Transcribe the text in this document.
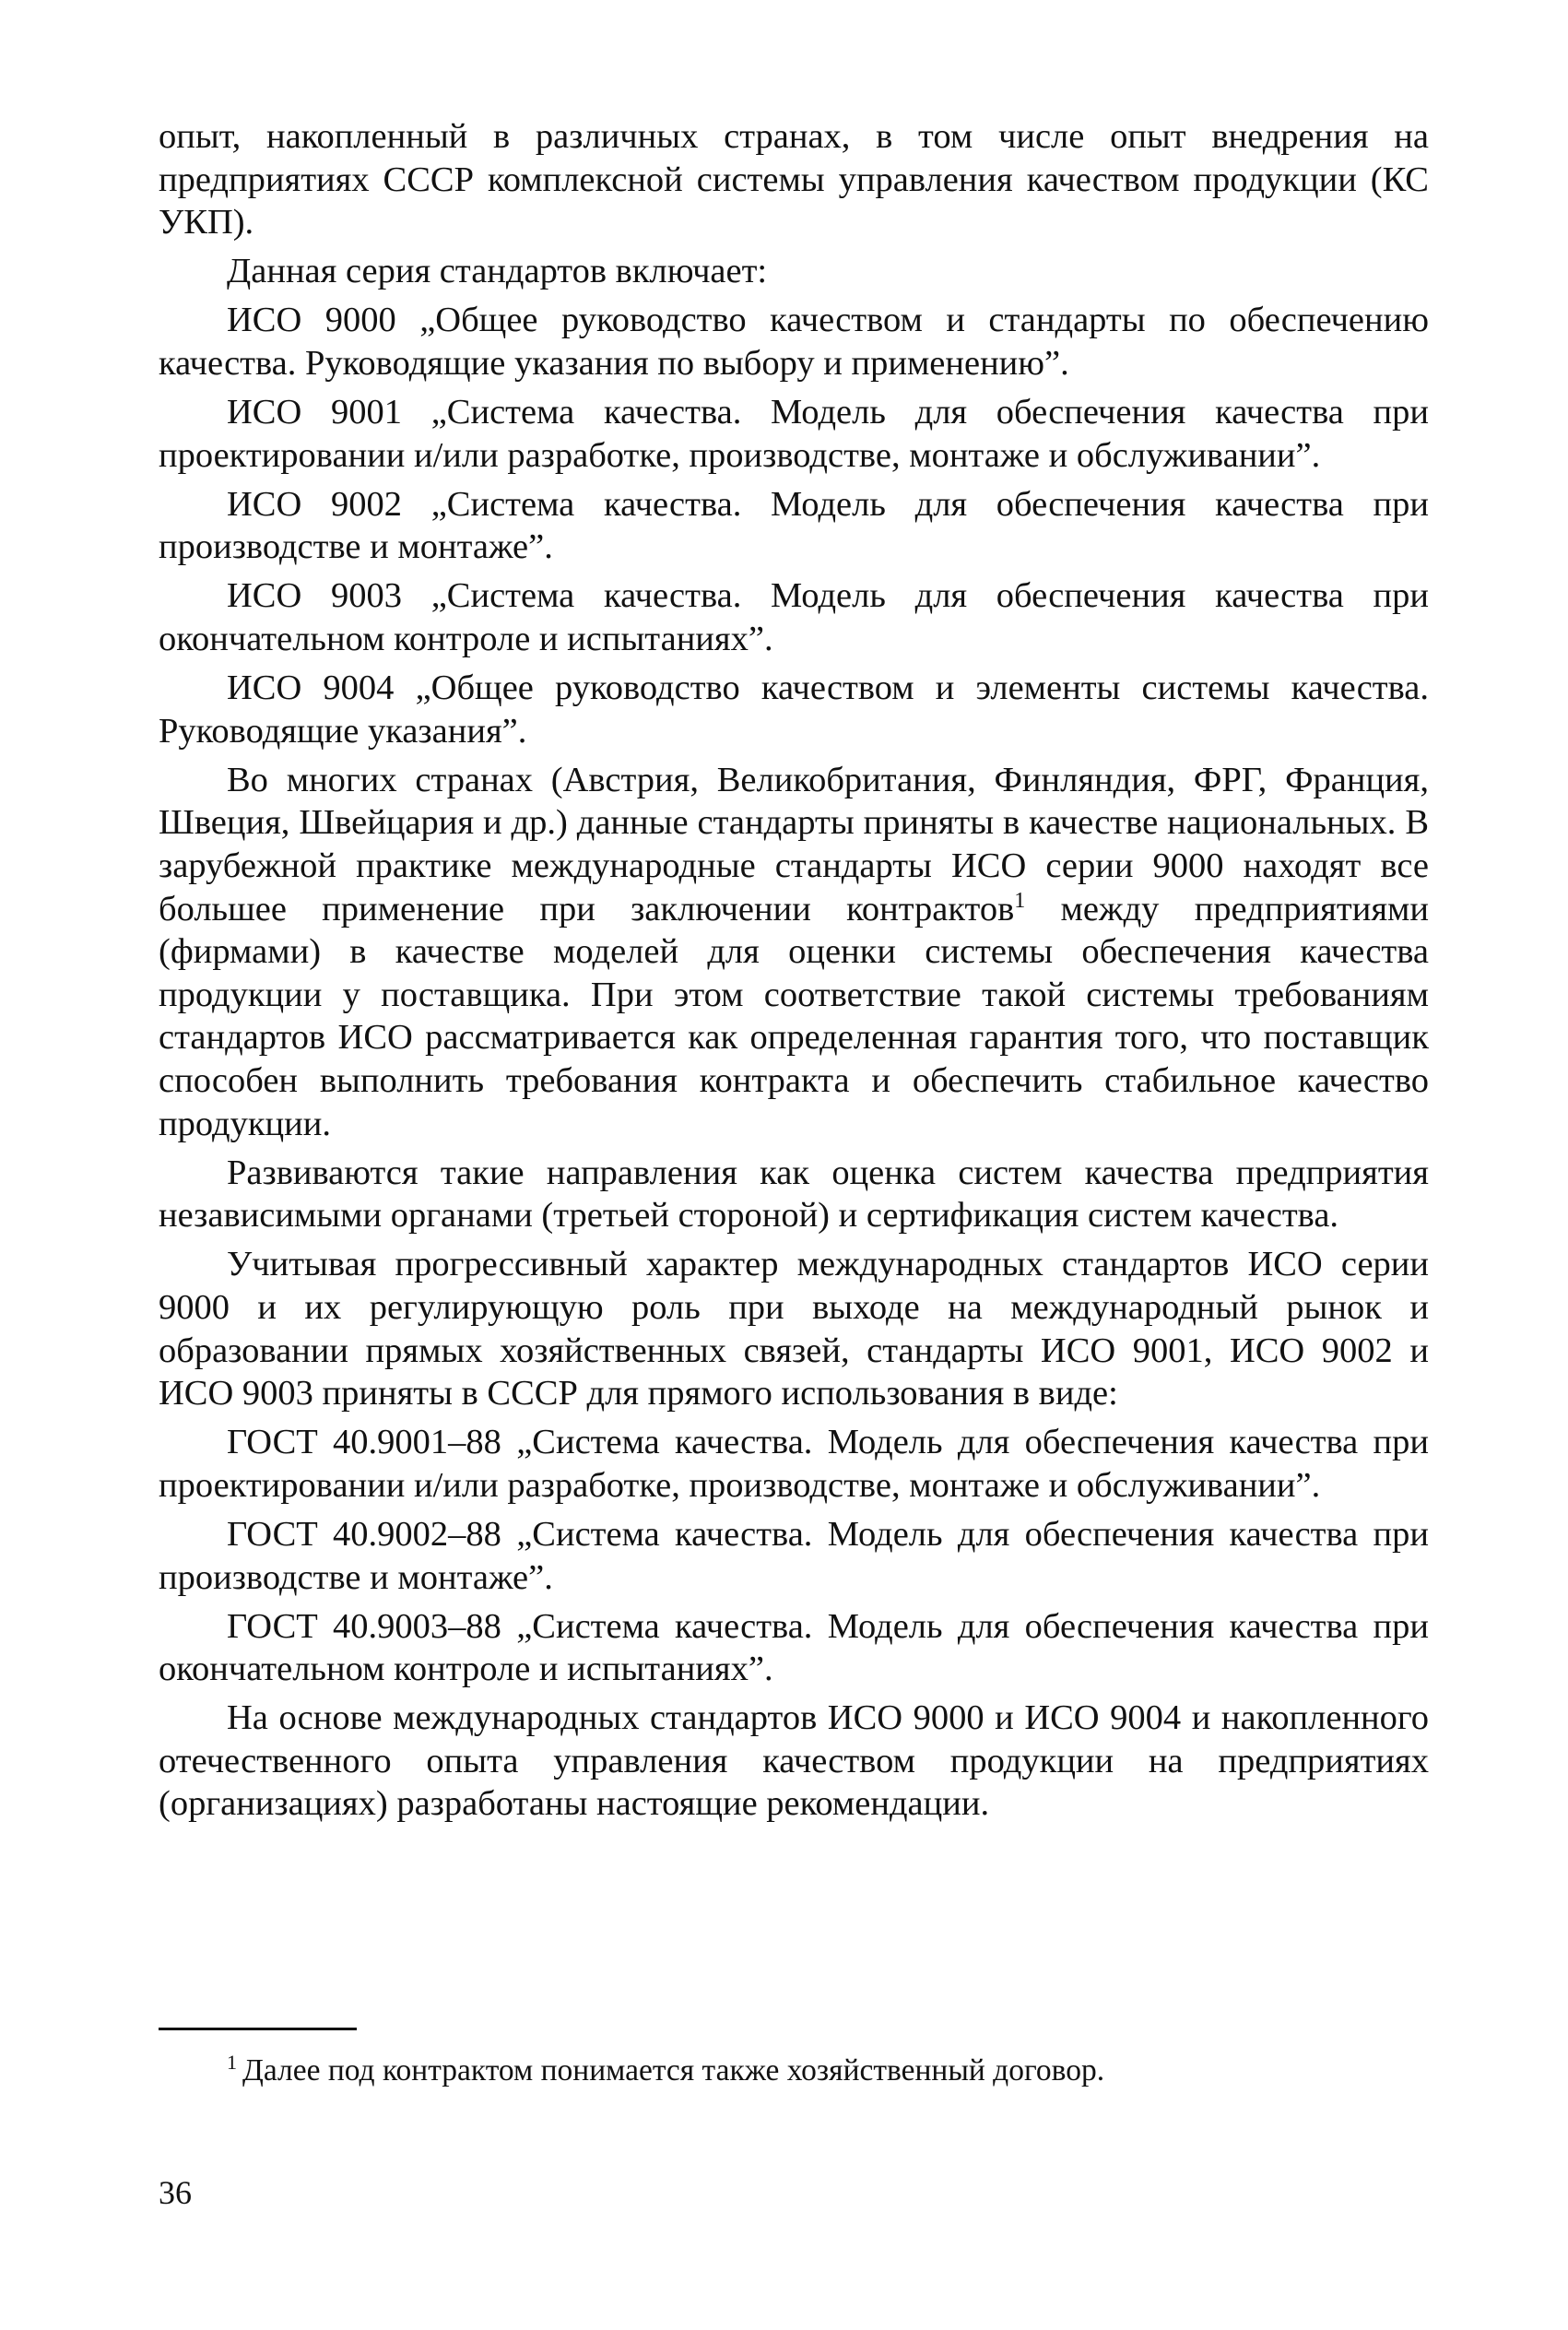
опыт, накопленный в различных странах, в том числе опыт внедрения на предприятиях СССР комплексной системы управления качеством продукции (КС УКП).

Данная серия стандартов включает:

ИСО 9000 „Общее руководство качеством и стандарты по обеспечению качества. Руководящие указания по выбору и применению”.

ИСО 9001 „Система качества. Модель для обеспечения качества при проектировании и/или разработке, производстве, монтаже и обслуживании”.

ИСО 9002 „Система качества. Модель для обеспечения качества при производстве и монтаже”.

ИСО 9003 „Система качества. Модель для обеспечения качества при окончательном контроле и испытаниях”.

ИСО 9004 „Общее руководство качеством и элементы системы качества. Руководящие указания”.

Во многих странах (Австрия, Великобритания, Финляндия, ФРГ, Франция, Швеция, Швейцария и др.) данные стандарты приняты в качестве национальных. В зарубежной практике международные стандарты ИСО серии 9000 находят все большее применение при заключении контрактов$^1$ между предприятиями (фирмами) в качестве моделей для оценки системы обеспечения качества продукции у поставщика. При этом соответствие такой системы требованиям стандартов ИСО рассматривается как определенная гарантия того, что поставщик способен выполнить требования контракта и обеспечить стабильное качество продукции.

Развиваются такие направления как оценка систем качества предприятия независимыми органами (третьей стороной) и сертификация систем качества.

Учитывая прогрессивный характер международных стандартов ИСО серии 9000 и их регулирующую роль при выходе на международный рынок и образовании прямых хозяйственных связей, стандарты ИСО 9001, ИСО 9002 и ИСО 9003 приняты в СССР для прямого использования в виде:

ГОСТ 40.9001–88 „Система качества. Модель для обеспечения качества при проектировании и/или разработке, производстве, монтаже и обслуживании”.

ГОСТ 40.9002–88 „Система качества. Модель для обеспечения качества при производстве и монтаже”.

ГОСТ 40.9003–88 „Система качества. Модель для обеспечения качества при окончательном контроле и испытаниях”.

На основе международных стандартов ИСО 9000 и ИСО 9004 и накопленного отечественного опыта управления качеством продукции на предприятиях (организациях) разработаны настоящие рекомендации.

$^1$ Далее под контрактом понимается также хозяйственный договор.
36
